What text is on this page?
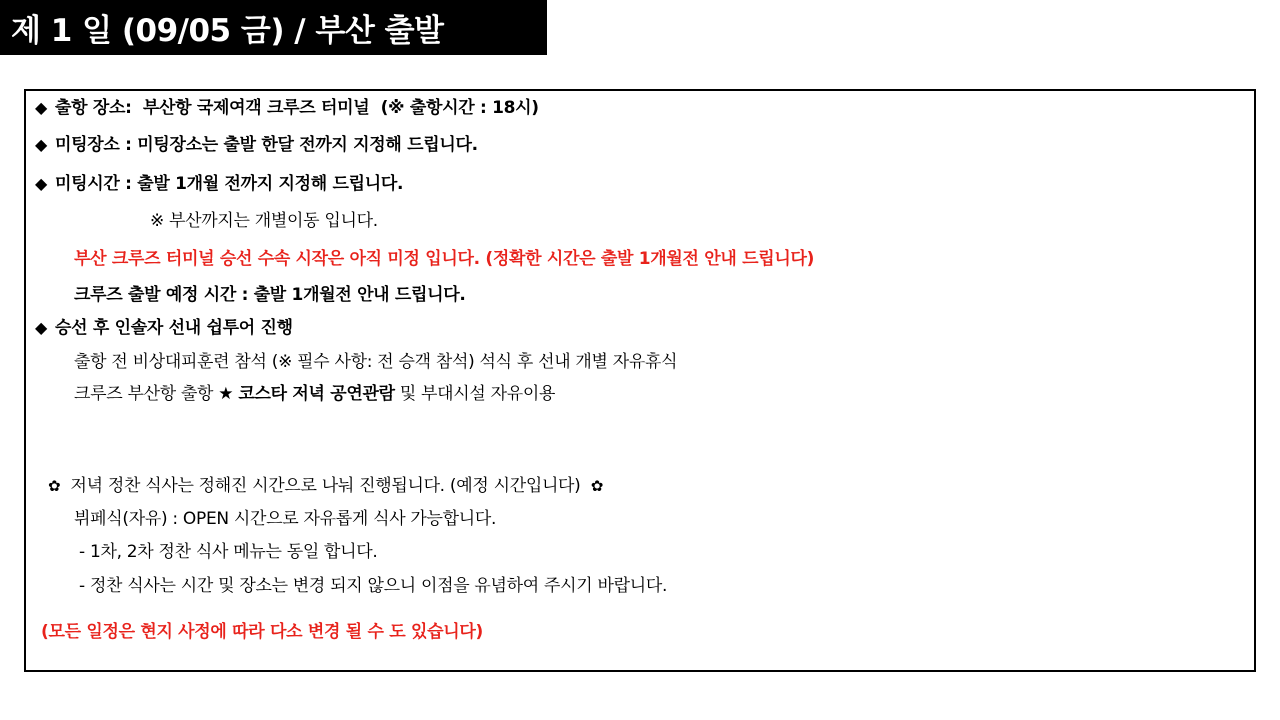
제 1 일 (09/05 금) / 부산 출발
◆ 출항 장소: 부산항 국제여객 크루즈 터미널 (※ 출항시간 : 18시)
◆ 미팅장소 : 미팅장소는 출발 한달 전까지 지정해 드립니다.
◆ 미팅시간 : 출발 1개월 전까지 지정해 드립니다.
※ 부산까지는 개별이동 입니다.
부산 크루즈 터미널 승선 수속 시작은 아직 미정 입니다. (정확한 시간은 출발 1개월전 안내 드립니다)
크루즈 출발 예정 시간 : 출발 1개월전 안내 드립니다.
◆ 승선 후 인솔자 선내 쉽투어 진행
출항 전 비상대피훈련 참석 (※ 필수 사항: 전 승객 참석) 석식 후 선내 개별 자유휴식
크루즈 부산항 출항 ★ 코스타 저녁 공연관람 및 부대시설 자유이용
✿ 저녁 정찬 식사는 정해진 시간으로 나눠 진행됩니다. (예정 시간입니다) ✿
뷔페식(자유) : OPEN 시간으로 자유롭게 식사 가능합니다.
- 1차, 2차 정찬 식사 메뉴는 동일 합니다.
- 정찬 식사는 시간 및 장소는 변경 되지 않으니 이점을 유념하여 주시기 바랍니다.
(모든 일정은 현지 사정에 따라 다소 변경 될 수 도 있습니다)
